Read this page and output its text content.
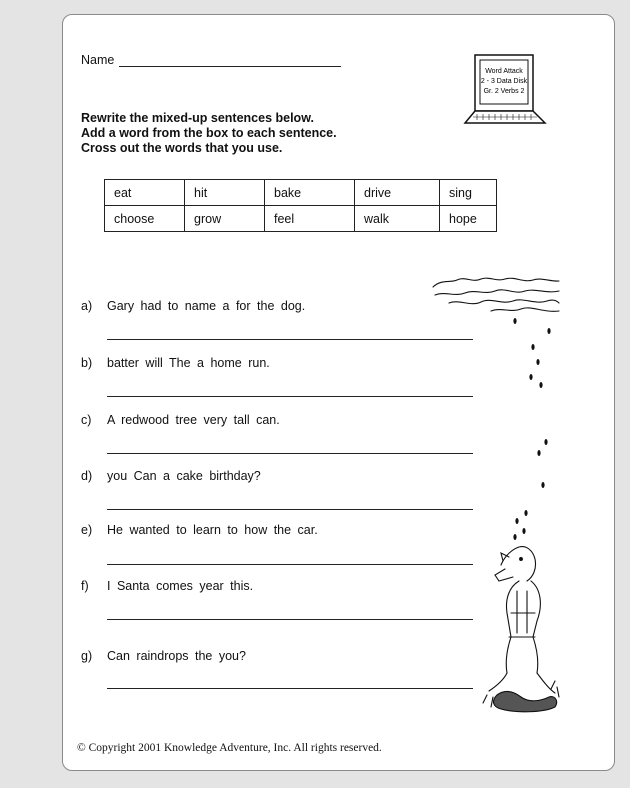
Name
Word Attack
2 - 3 Data Disk
Gr. 2 Verbs 2
Rewrite the mixed-up sentences below.
Add a word from the box to each sentence.
Cross out the words that you use.
eat	hit	bake	drive	sing
choose	grow	feel	walk	hope
a) Gary had to name a for the dog.
b) batter will The a home run.
c) A redwood tree very tall can.
d) you Can a cake birthday?
e) He wanted to learn to how the car.
f) I Santa comes year this.
g) Can raindrops the you?
© Copyright 2001 Knowledge Adventure, Inc. All rights reserved.
